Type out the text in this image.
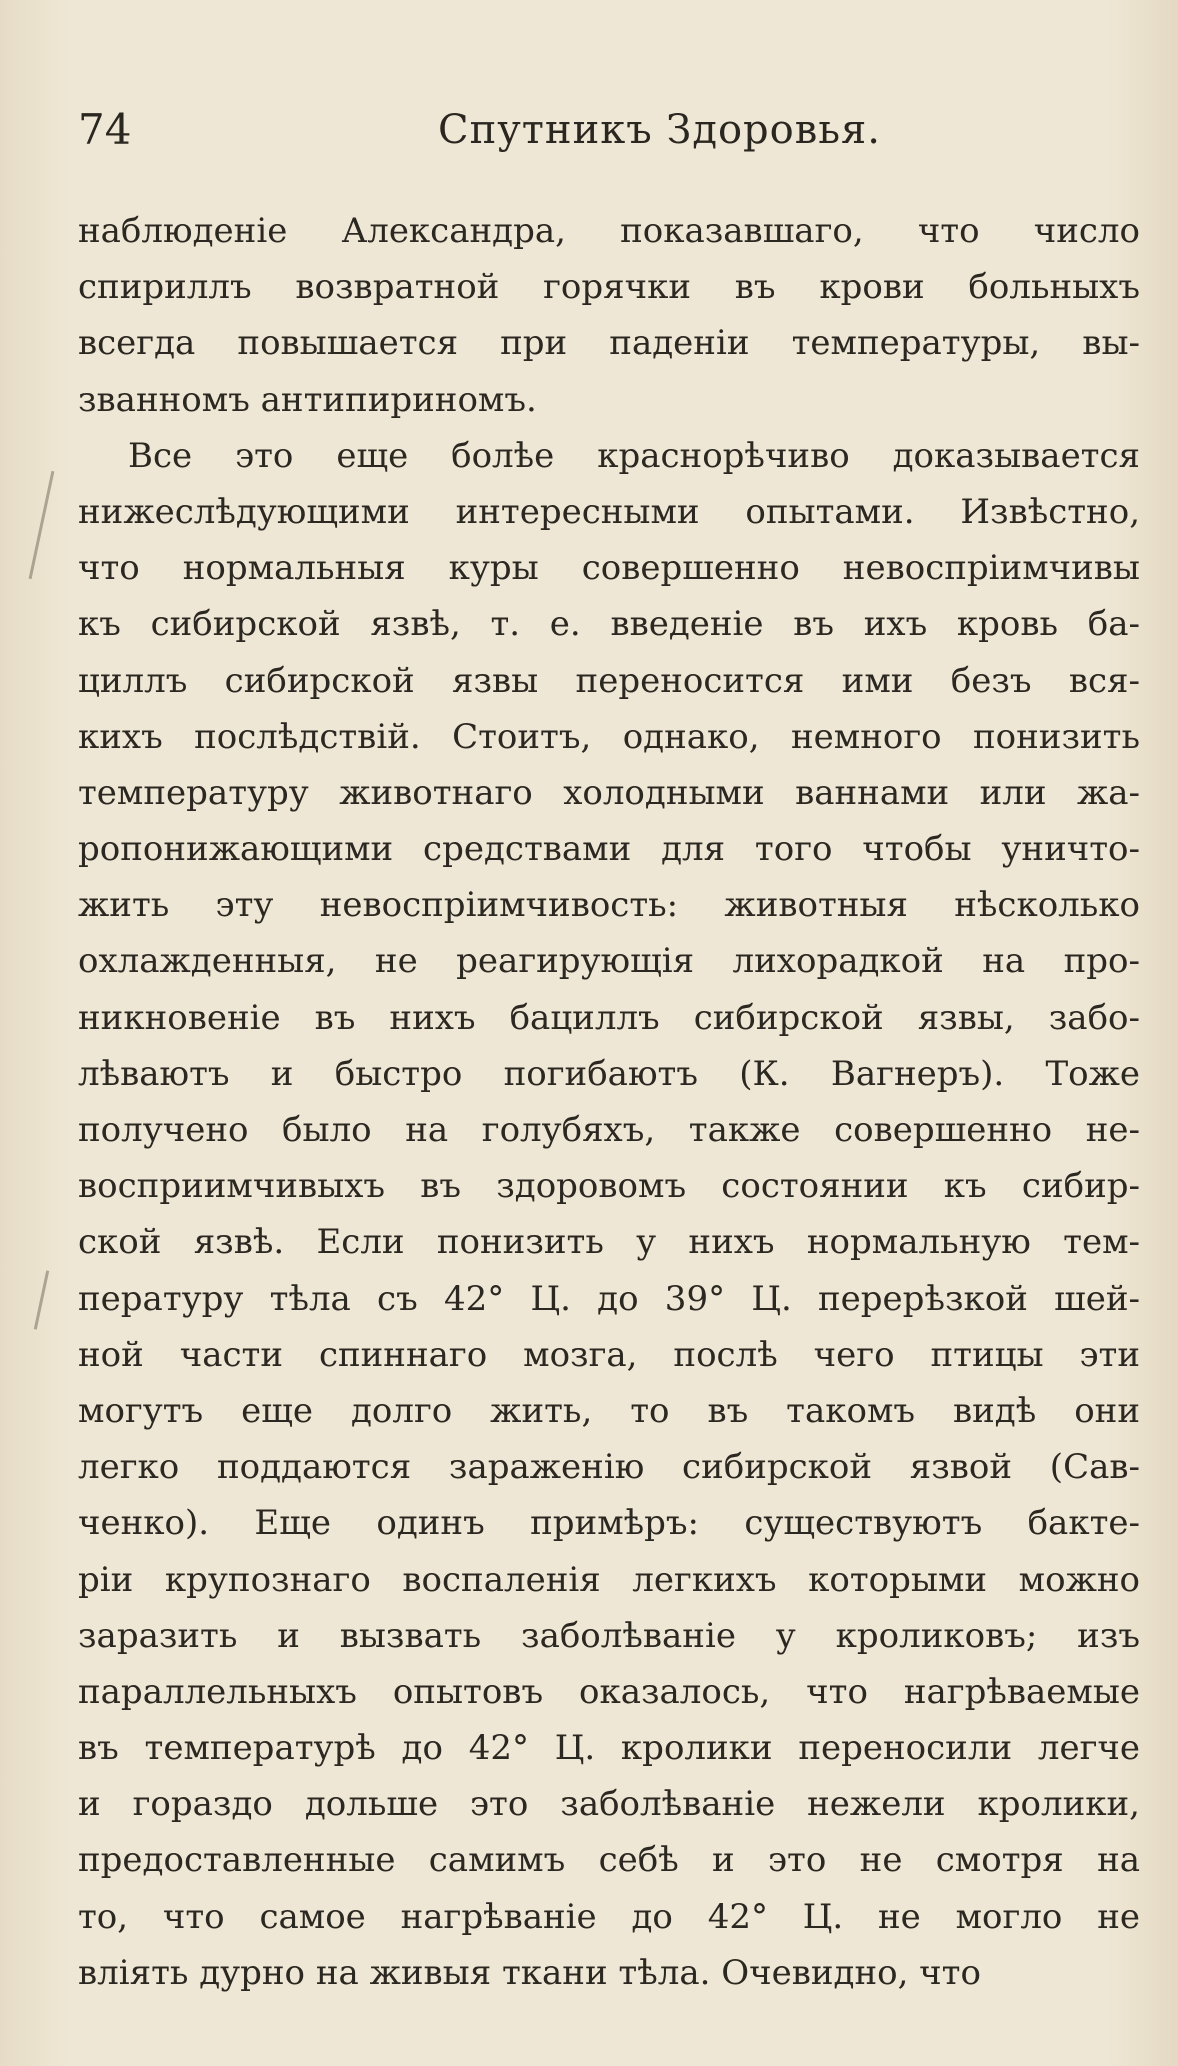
74	Спутникъ Здоровья.
наблюденіе Александра, показавшаго, что число
спириллъ возвратной горячки въ крови больныхъ
всегда повышается при паденіи температуры, вы-
званномъ антипириномъ.
Все это еще болѣе краснорѣчиво доказывается
нижеслѣдующими интересными опытами. Извѣстно,
что нормальныя куры совершенно невоспріимчивы
къ сибирской язвѣ, т. е. введеніе въ ихъ кровь ба-
циллъ сибирской язвы переносится ими безъ вся-
кихъ послѣдствій. Стоитъ, однако, немного понизить
температуру животнаго холодными ваннами или жа-
ропонижающими средствами для того чтобы уничто-
жить эту невоспріимчивость: животныя нѣсколько
охлажденныя, не реагирующія лихорадкой на про-
никновеніе въ нихъ бациллъ сибирской язвы, забо-
лѣваютъ и быстро погибаютъ (К. Вагнеръ). Тоже
получено было на голубяхъ, также совершенно не-
восприимчивыхъ въ здоровомъ состоянии къ сибир-
ской язвѣ. Если понизить у нихъ нормальную тем-
пературу тѣла съ 42° Ц. до 39° Ц. перерѣзкой шей-
ной части спиннаго мозга, послѣ чего птицы эти
могутъ еще долго жить, то въ такомъ видѣ они
легко поддаются зараженію сибирской язвой (Сав-
ченко). Еще одинъ примѣръ: существуютъ бакте-
ріи крупознаго воспаленія легкихъ которыми можно
заразить и вызвать заболѣваніе у кроликовъ; изъ
параллельныхъ опытовъ оказалось, что нагрѣваемые
въ температурѣ до 42° Ц. кролики переносили легче
и гораздо дольше это заболѣваніе нежели кролики,
предоставленные самимъ себѣ и это не смотря на
то, что самое нагрѣваніе до 42° Ц. не могло не
вліять дурно на живыя ткани тѣла. Очевидно, что
